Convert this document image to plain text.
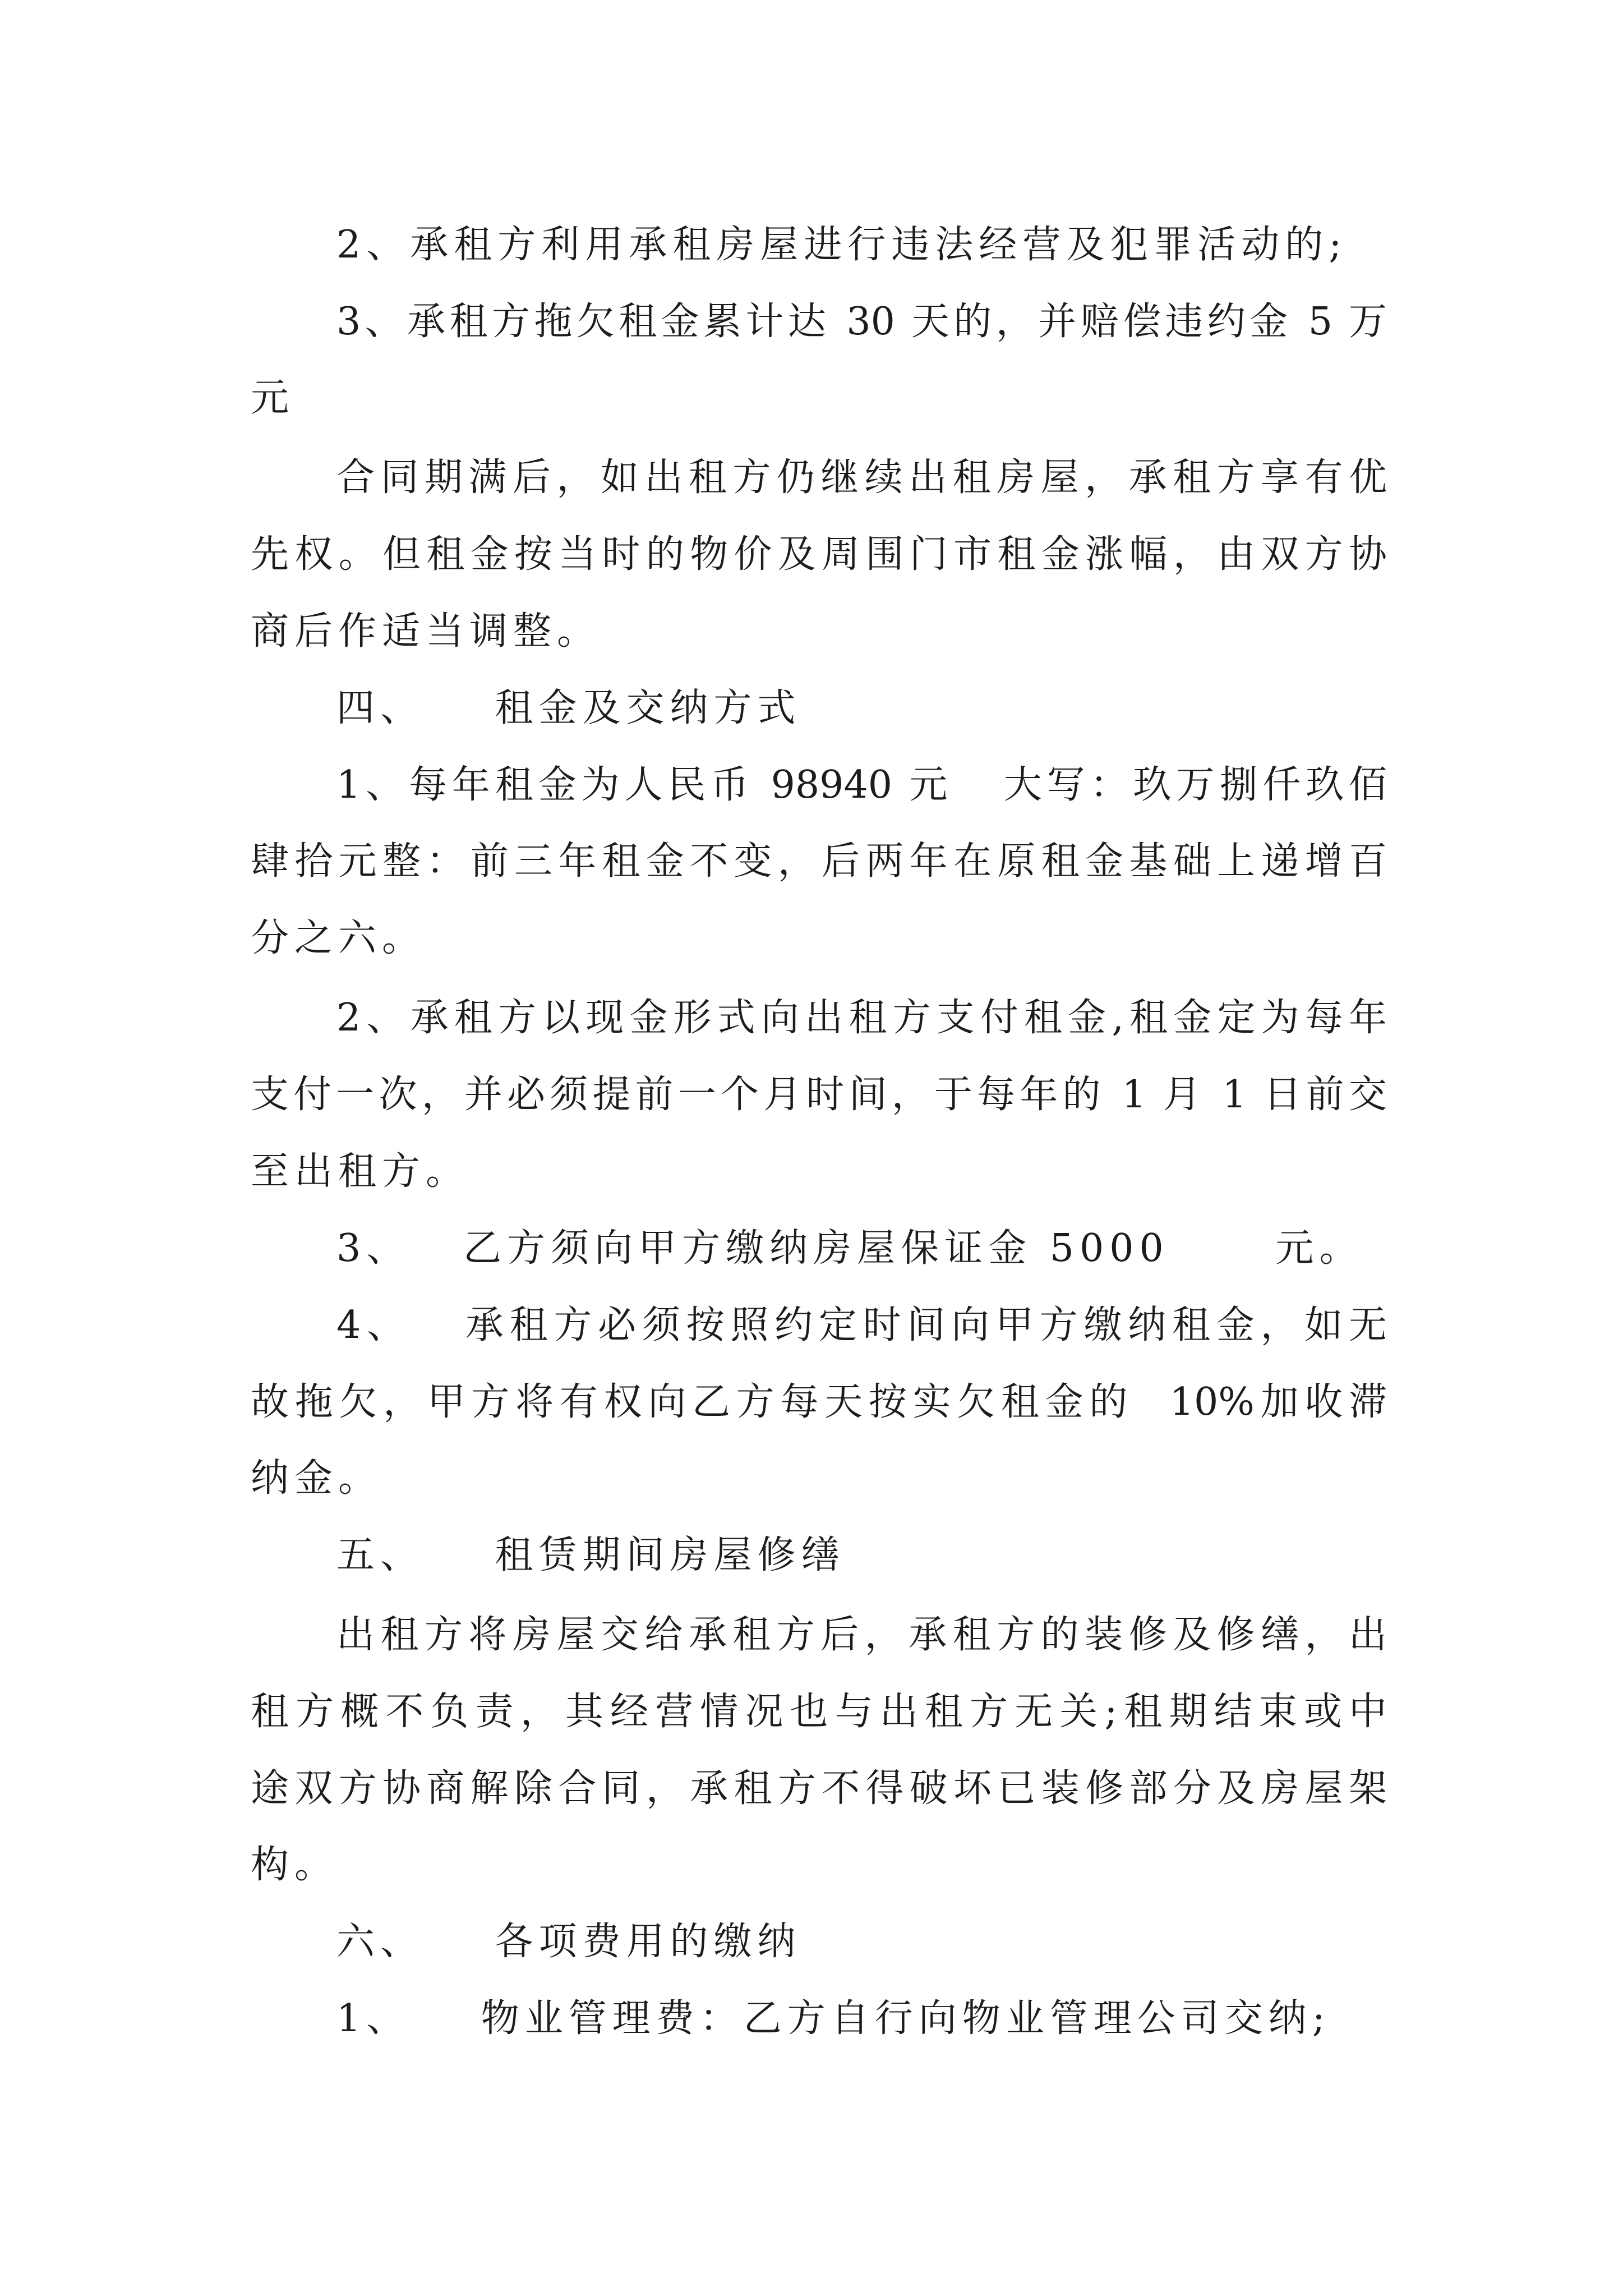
2、承租方利用承租房屋进行违法经营及犯罪活动的;
3、承租方拖欠租金累计达 30 天的，并赔偿违约金 5 万
元
合同期满后，如出租方仍继续出租房屋，承租方享有优
先权。但租金按当时的物价及周围门市租金涨幅，由双方协
商后作适当调整。
四、    租金及交纳方式
1、每年租金为人民币 98940 元   大写：玖万捌仟玖佰
肆拾元整：前三年租金不变，后两年在原租金基础上递增百
分之六。
2、承租方以现金形式向出租方支付租金,租金定为每年
支付一次，并必须提前一个月时间，于每年的 1 月 1 日前交
至出租方。
3、   乙方须向甲方缴纳房屋保证金 5000      元。
4、   承租方必须按照约定时间向甲方缴纳租金，如无
故拖欠，甲方将有权向乙方每天按实欠租金的  10%加收滞
纳金。
五、    租赁期间房屋修缮
出租方将房屋交给承租方后，承租方的装修及修缮，出
租方概不负责，其经营情况也与出租方无关;租期结束或中
途双方协商解除合同，承租方不得破坏已装修部分及房屋架
构。
六、    各项费用的缴纳
1、    物业管理费：乙方自行向物业管理公司交纳;
